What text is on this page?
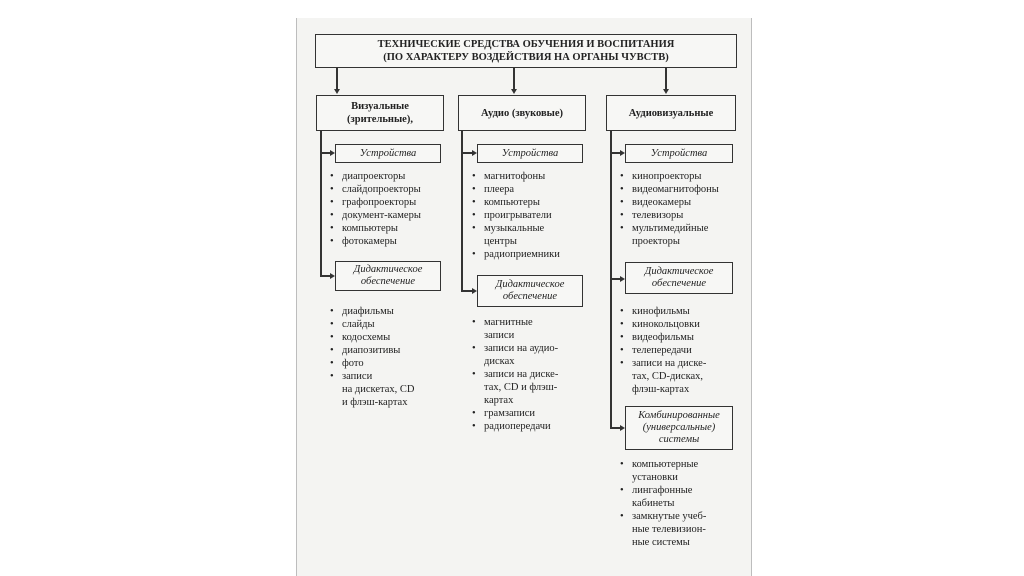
ТЕХНИЧЕСКИЕ СРЕДСТВА ОБУЧЕНИЯ И ВОСПИТАНИЯ
(ПО ХАРАКТЕРУ ВОЗДЕЙСТВИЯ НА ОРГАНЫ ЧУВСТВ)
Визуальные
(зрительные),
Аудио (звуковые)	Аудиовизуальные
Устройства
• диапроекторы
• слайдопроекторы
• графопроекторы
• документ-камеры
• компьютеры
• фотокамеры
Дидактическое
обеспечение
• диафильмы
• слайды
• кодосхемы
• диапозитивы
• фото
• записи
на дискетах, CD
и флэш-картах
Устройства
• магнитофоны
• плеера
• компьютеры
• проигрыватели
• музыкальные
центры
• радиоприемники
Дидактическое
обеспечение
• магнитные
записи
• записи на аудио-
дисках
• записи на диске-
тах, CD и флэш-
картах
• грамзаписи
• радиопередачи
Устройства
• кинопроекторы
• видеомагнитофоны
• видеокамеры
• телевизоры
• мультимедийные
проекторы
Дидактическое
обеспечение
• кинофильмы
• кинокольцовки
• видеофильмы
• телепередачи
• записи на диске-
тах, CD-дисках,
флэш-картах
Комбинированные
(универсальные)
системы
• компьютерные
установки
• лингафонные
кабинеты
• замкнутые учеб-
ные телевизион-
ные системы
